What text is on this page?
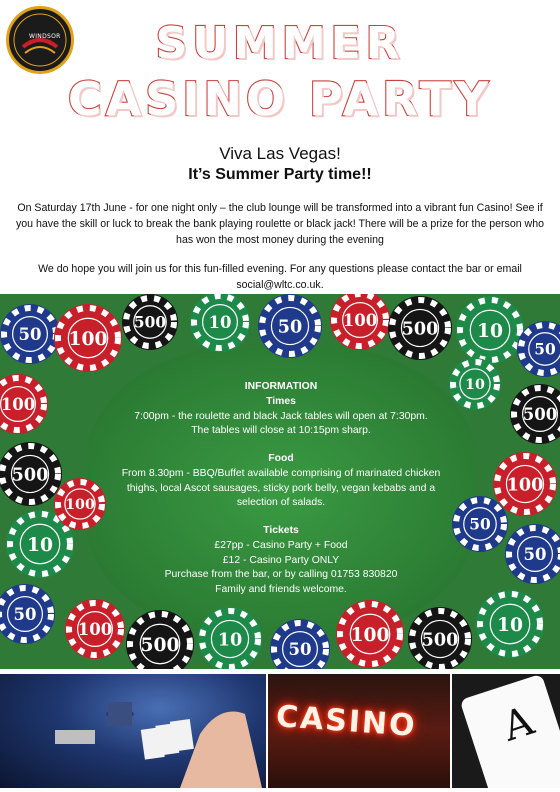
WINDSOR	SUMMER
CASINO PARTY
Viva Las Vegas!
It’s Summer Party time!!
On Saturday 17th June - for one night only – the club lounge will be transformed into a vibrant fun Casino! See if you have the skill or luck to break the bank playing roulette or black jack! There will be a prize for the person who has won the most money during the evening
We do hope you will join us for this fun-filled evening. For any questions please contact the bar or email social@wltc.co.uk.
50 100
500	10	50 100 500 10
50
100
500
10
50
100
500 10	50
100 500
10
50
100
500
10
50
100
INFORMATION
Times
7:00pm - the roulette and black Jack tables will open at 7:30pm.
The tables will close at 10:15pm sharp.
Food
From 8.30pm - BBQ/Buffet available comprising of marinated chicken thighs, local Ascot sausages, sticky pork belly, vegan kebabs and a selection of salads.
Tickets
£27pp - Casino Party + Food
£12 - Casino Party ONLY
Purchase from the bar, or by calling 01753 830820
Family and friends welcome.
CASINO A
